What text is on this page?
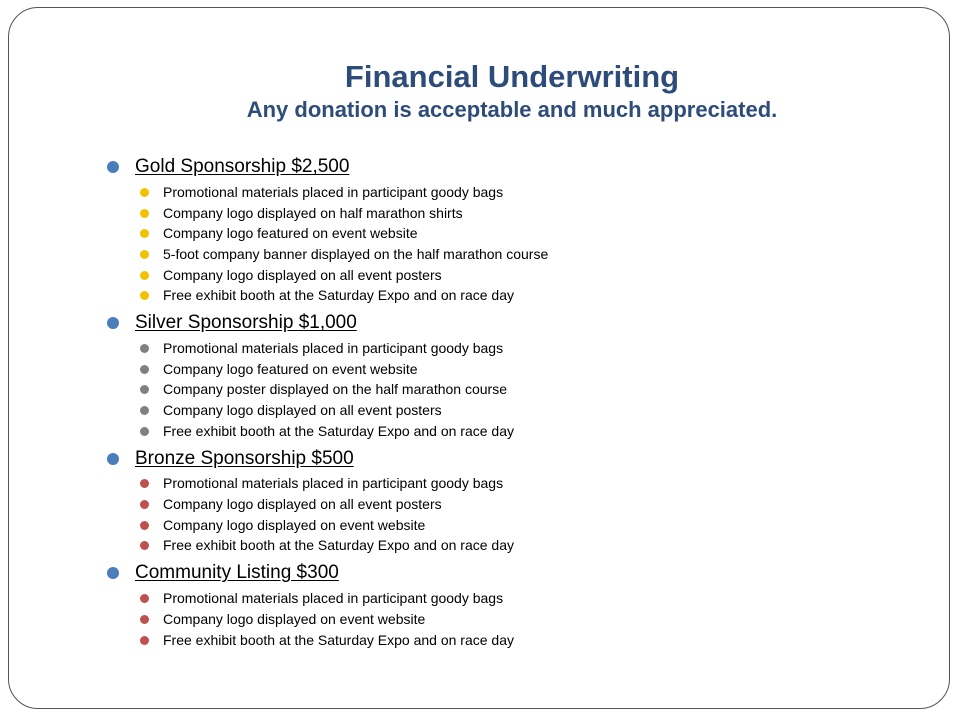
Financial Underwriting
Any donation is acceptable and much appreciated.
Gold Sponsorship $2,500
Promotional materials placed in participant goody bags
Company logo displayed on half marathon shirts
Company logo featured on event website
5-foot company banner displayed on the half marathon course
Company logo displayed on all event posters
Free exhibit booth at the Saturday Expo and on race day
Silver Sponsorship $1,000
Promotional materials placed in participant goody bags
Company logo featured on event website
Company poster displayed on the half marathon course
Company logo displayed on all event posters
Free exhibit booth at the Saturday Expo and on race day
Bronze Sponsorship $500
Promotional materials placed in participant goody bags
Company logo displayed on all event posters
Company logo displayed on event website
Free exhibit booth at the Saturday Expo and on race day
Community Listing $300
Promotional materials placed in participant goody bags
Company logo displayed on event website
Free exhibit booth at the Saturday Expo and on race day
